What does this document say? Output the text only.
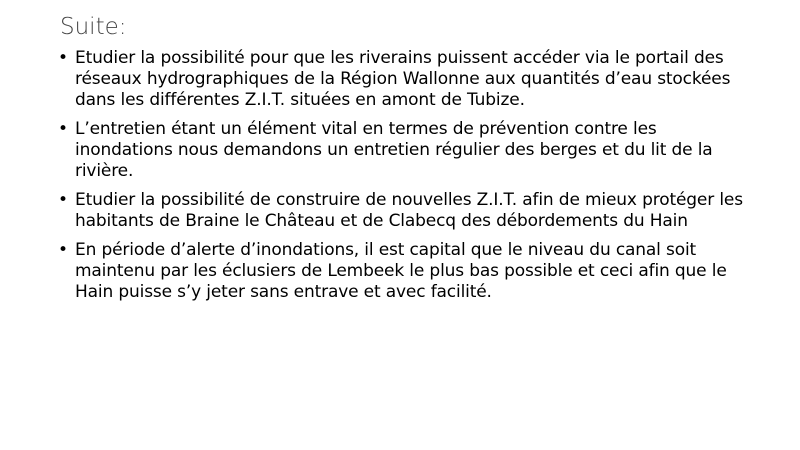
Suite:
• Etudier la possibilité pour que les riverains puissent accéder via le portail des réseaux hydrographiques de la Région Wallonne aux quantités d’eau stockées dans les différentes Z.I.T. situées en amont de Tubize.
• L’entretien étant un élément vital en termes de prévention contre les inondations nous demandons un entretien régulier des berges et du lit de la rivière.
• Etudier la possibilité de construire de nouvelles Z.I.T. afin de mieux protéger les habitants de Braine le Château et de Clabecq des débordements du Hain
• En période d’alerte d’inondations, il est capital que le niveau du canal soit maintenu par les éclusiers de Lembeek le plus bas possible et ceci afin que le Hain puisse s’y jeter sans entrave et avec facilité.
